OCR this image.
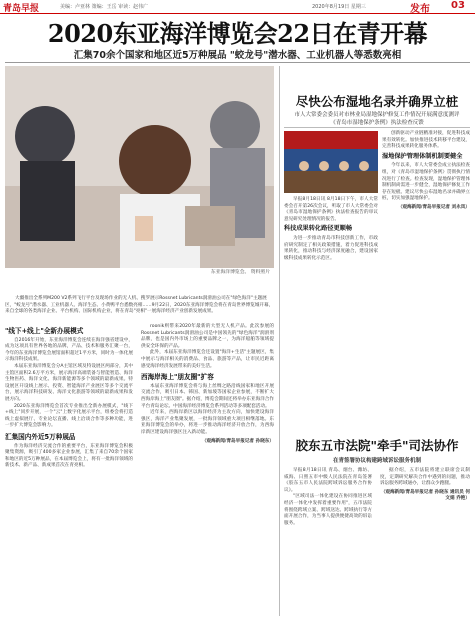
青岛早报	美编：卢亚林 策编：王岳 审读：赵伟广	2020年8月19日 星期三	发布	03
2020东亚海洋博览会22日在青开幕
汇集70余个国家和地区近5万种展品 "蛟龙号"潜水器、工业机器人等悉数亮相
东亚海洋博览会。 资料照片
大疆推出全系列M200 V2系列飞行平台及现场作业的无人机、搜罗展示Rossnet Lubricants润滑油公司在"绿色海洋"主题展区，"蛟龙号"潜水器、工业机器人、海洋生态、小黄鸭平台悉数亮相……9月22日，2020东亚海洋博览会将在青岛世界博览城开幕，来自全球的各类海洋企业、平台机构、国际机构企业，将在青岛"亮相"一展海洋经济产业创新发展成果。

"线下+线上"全新办展模式

自2016年开始，东亚海洋博览会连续在海洋强省建设中，成为这项具有世界各地的品牌，产品、技术和服务汇聚一台，今年的东亚海洋博览会展馆面积超过1平方米，同时为一体化展示海洋科技成果。

本届东亚海洋博览会分A主馆区域及特设展区两部分，其中主馆区面积2.6万平方米，展示海洋高端装备与智能智造、海洋生物医药、海洋文化、海洋新能源等多个领域的最新成果。特设展区开设线上展示、投资、智能海洋产业展区等多个交流平台，展示海洋科技研发、海洋文化旅游等领域的最新成果和发展方向。

2020东亚海洋博览会首次专业推出全新办展模式，"线下+线上"同步开展，一个"云"上数字化展示平台，组委会将打造线上虚拟展厅、专业论坛直播、线上洽谈合作等多种功能，进一步扩大博览会影响力。

汇集国内外近5万种展品

作为海洋经济交流合作的重要平台，东亚海洋博览会积极聚集资源，吸引了400多家企业参展，汇集了来自70余个国家和地区的近5万种展品，在本届博览会上，将有一批海洋领域的新技术、新产品、新成果首次在青亮相。

roonik则带来2020年最新的大型无人机产品。此次参展的Rossnet Lubricants润滑油公司是中国领先的"绿色海洋"润滑剂品牌，也是国内外市场上的重要品牌之一，为海洋船舶等领域提供安全环保的产品。

此外，本届东亚海洋博览会还设置"海洋+生活"主题展区，集中展示与海洋相关的消费品、食品、旅游等产品，让市民近距离感受海洋经济发展带来的美好生活。

西海岸海上"朋友圈"扩容

本届东亚海洋博览会将与海上丝绸之路沿线国家和地区开展交流合作，吸引日本、韩国、新加坡等国家企业参展，不断扩大西海岸海上"朋友圈"。据介绍，博览会期间还将举办东亚海洋合作平台青岛论坛、中国海洋经济博览会系列活动等多项配套活动。

近年来，西海岸新区以海洋经济为主攻方向，加快建设海洋强区，海洋产业集聚发展，一批海洋领域重大项目相继落地。东亚海洋博览会的举办，将进一步推动海洋经济开放合作，为西海岸新区建设海洋强区注入新动能。

（观海新闻/青岛早报记者 孙晓东）
尽快公布湿地名录并确界立桩
市人大常委会委员对市林业局湿地保护修复工作情况开展满意度测评
《青岛市湿地保护条例》执法检查反馈

早报8月18日讯 8月18日下午，市人大常委会召开第26次会议，听取了市人大常委会对《青岛市湿地保护条例》执法检查报告的审议意见研究处理情况的报告。

科技成果转化路径更顺畅

为进一步推动青岛市科技创新工作，市政府研究制定了相关政策措施，着力促进科技成果转化，推动科技与经济深度融合，建设国家级科技成果转化示范区。

创新驱动产业链精准对接，促进科技成果有效转化。加快推进技术转移平台建设，完善科技成果转化服务体系。

湿地保护管理体制机制要健全

今年以来，市人大常委会成立执法检查组，对《青岛市湿地保护条例》贯彻执行情况进行了检查。检查发现，湿地保护管理体制机制尚需进一步健全，湿地保护修复工作存在短板。建议尽快公布湿地名录并确界立桩，切实加强湿地保护。

（观海新闻/青岛早报记者 刘永凤）
胶东五市法院"牵手"司法协作
在青签署协议构建跨域诉讼服务机制

早报8月18日讯 青岛、烟台、潍坊、威海、日照五市中级人民法院在青岛签署《胶东五市人民法院跨域诉讼服务合作协议》。

"区域司法一体化建设在协同推进区域经济一体化中发挥着重要作用"，五市法院将围绕跨域立案、跨域送达、跨域执行等方面开展合作，为当事人提供便捷高效的诉讼服务。

据介绍，五市法院将建立联席会议制度，定期研究解决合作中遇到的问题，推动诉讼服务跨域通办，让群众少跑腿。

（观海新闻/青岛早报记者 孙晓东 通讯员 何文娟 乔艳）
